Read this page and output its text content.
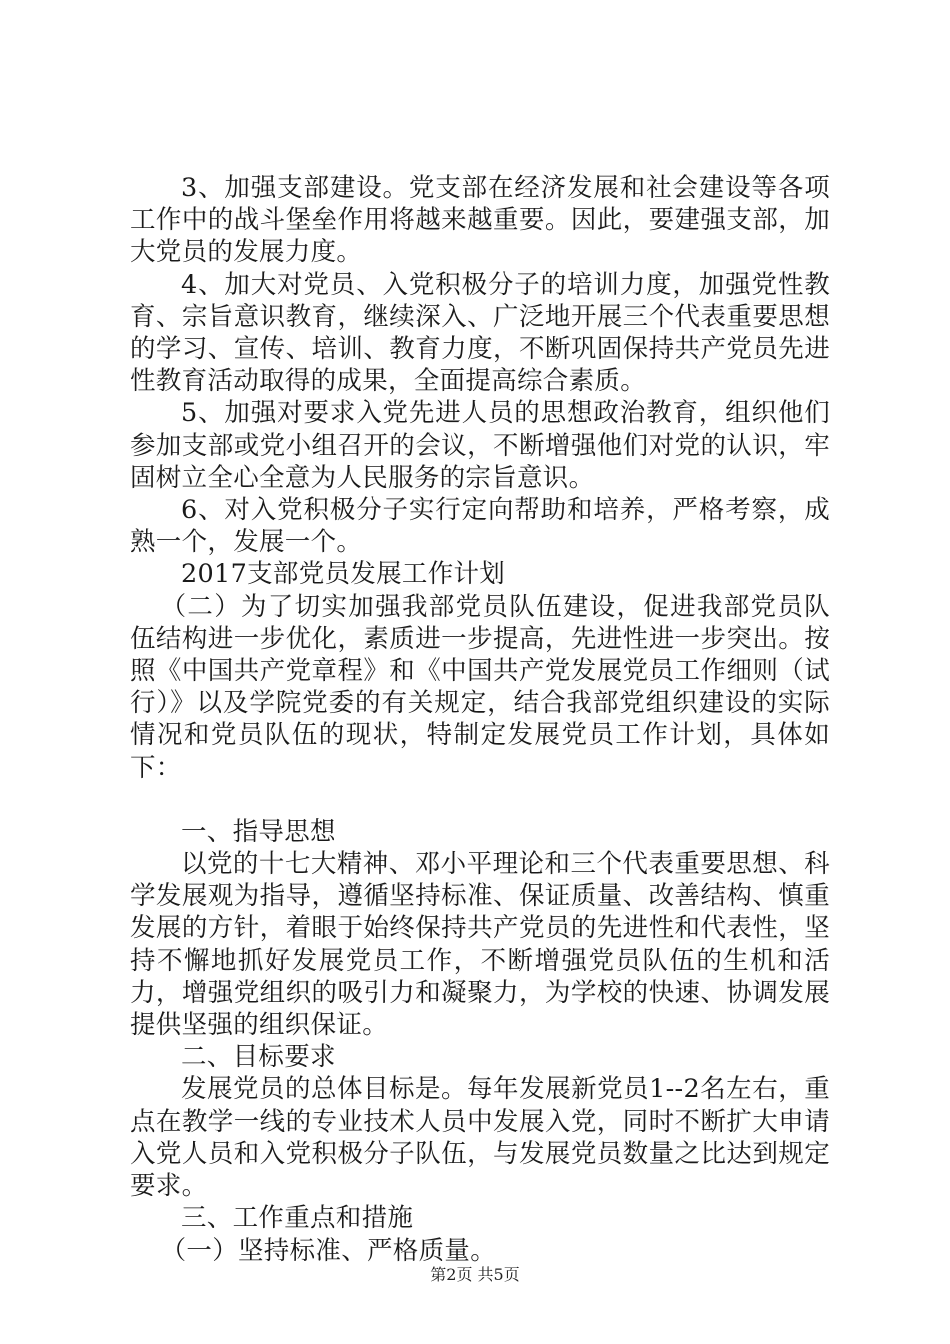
3、加强支部建设。党支部在经济发展和社会建设等各项工作中的战斗堡垒作用将越来越重要。因此，要建强支部，加大党员的发展力度。

4、加大对党员、入党积极分子的培训力度，加强党性教育、宗旨意识教育，继续深入、广泛地开展三个代表重要思想的学习、宣传、培训、教育力度，不断巩固保持共产党员先进性教育活动取得的成果，全面提高综合素质。

5、加强对要求入党先进人员的思想政治教育，组织他们参加支部或党小组召开的会议，不断增强他们对党的认识，牢固树立全心全意为人民服务的宗旨意识。

6、对入党积极分子实行定向帮助和培养，严格考察，成熟一个，发展一个。

2017支部党员发展工作计划

（二）为了切实加强我部党员队伍建设，促进我部党员队伍结构进一步优化，素质进一步提高，先进性进一步突出。按照《中国共产党章程》和《中国共产党发展党员工作细则（试行）》以及学院党委的有关规定，结合我部党组织建设的实际情况和党员队伍的现状，特制定发展党员工作计划，具体如下：

一、指导思想

以党的十七大精神、邓小平理论和三个代表重要思想、科学发展观为指导，遵循坚持标准、保证质量、改善结构、慎重发展的方针，着眼于始终保持共产党员的先进性和代表性，坚持不懈地抓好发展党员工作，不断增强党员队伍的生机和活力，增强党组织的吸引力和凝聚力，为学校的快速、协调发展提供坚强的组织保证。

二、目标要求

发展党员的总体目标是。每年发展新党员1--2名左右，重点在教学一线的专业技术人员中发展入党，同时不断扩大申请入党人员和入党积极分子队伍，与发展党员数量之比达到规定要求。

三、工作重点和措施

（一）坚持标准、严格质量。

第2页 共5页
